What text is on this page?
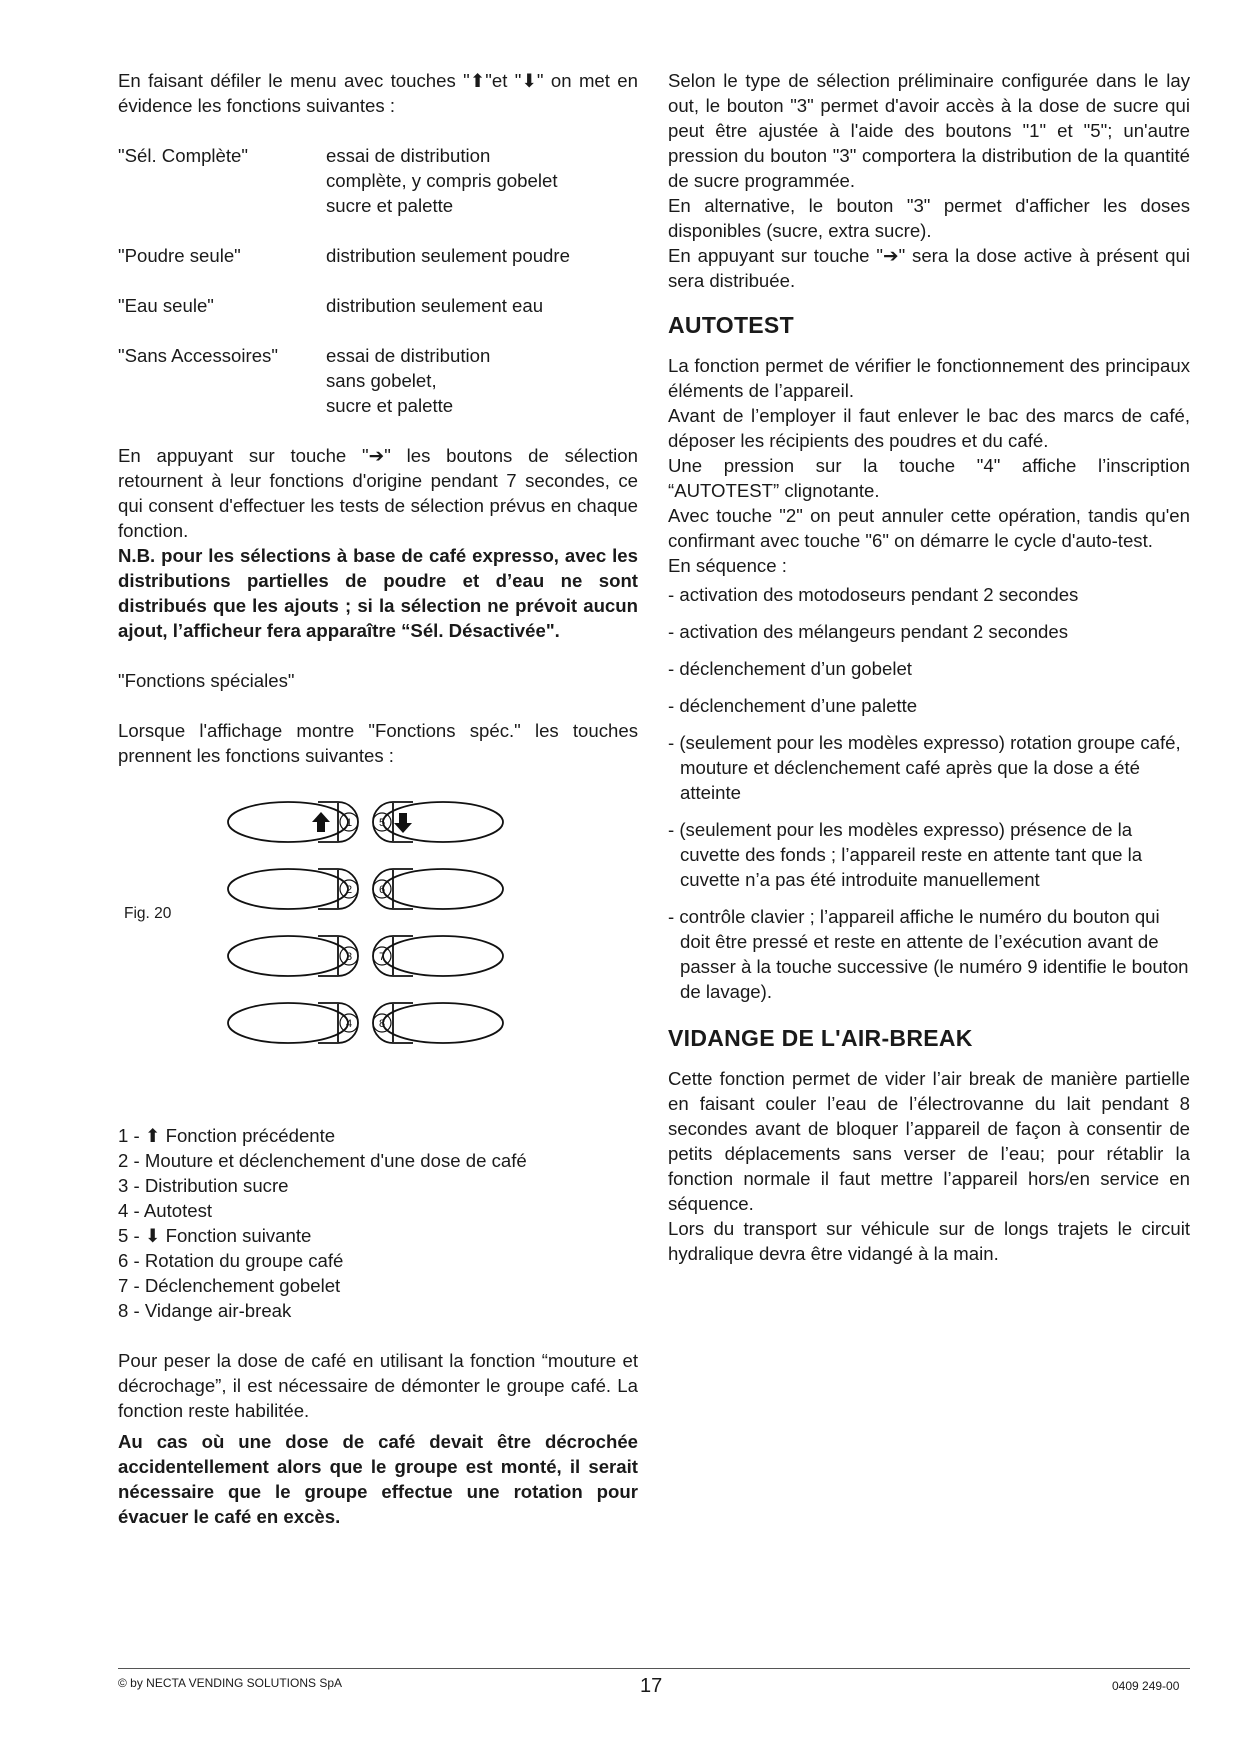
En faisant défiler le menu avec touches "⬆"et "⬇" on met en évidence les fonctions suivantes :

"Sél. Complète"	essai de distribution
complète, y compris gobelet
sucre et palette

"Poudre seule"	distribution seulement poudre

"Eau seule"	distribution seulement eau

"Sans Accessoires"	essai de distribution
sans gobelet,
sucre et palette

En appuyant sur touche "➔" les boutons de sélection retournent à leur fonctions d'origine pendant 7 secondes, ce qui consent d'effectuer les tests de sélection prévus en chaque fonction.

N.B. pour les sélections à base de café expresso, avec les distributions partielles de poudre et d’eau ne sont distribués que les ajouts ; si la sélection ne prévoit aucun ajout, l’afficheur fera apparaître “Sél. Désactivée".

"Fonctions spéciales"

Lorsque l'affichage montre "Fonctions spéc." les touches prennent les fonctions suivantes :

Fig. 20
1
2
3
4
5
6
7
8

1 - ⬆ Fonction précédente

2 - Mouture et déclenchement d'une dose de café

3 - Distribution sucre

4 - Autotest

5 - ⬇ Fonction suivante

6 - Rotation du groupe café

7 - Déclenchement gobelet

8 - Vidange air-break

Pour peser la dose de café en utilisant la fonction “mouture et décrochage”, il est nécessaire de démonter le groupe café. La fonction reste habilitée.

Au cas où une dose de café devait être décrochée accidentellement alors que le groupe est monté, il serait nécessaire que le groupe effectue une rotation pour évacuer le café en excès.

Selon le type de sélection préliminaire configurée dans le lay out, le bouton "3" permet d'avoir accès à la dose de sucre qui peut être ajustée à l'aide des boutons "1" et "5"; un'autre pression du bouton "3" comportera la distribution de la quantité de sucre programmée.

En alternative, le bouton "3" permet d'afficher les doses disponibles (sucre, extra sucre).

En appuyant sur touche "➔" sera la dose active à présent qui sera distribuée.

AUTOTEST

La fonction permet de vérifier le fonctionnement des principaux éléments de l’appareil.

Avant de l’employer il faut enlever le bac des marcs de café, déposer les récipients des poudres et du café.

Une pression sur la touche "4" affiche l’inscription “AUTOTEST” clignotante.

Avec touche "2" on peut annuler cette opération, tandis qu'en confirmant avec touche "6" on démarre le cycle d'auto-test.

En séquence :

- activation des motodoseurs pendant 2 secondes

- activation des mélangeurs pendant 2 secondes

- déclenchement d’un gobelet

- déclenchement d’une palette

- (seulement pour les modèles expresso) rotation groupe café, mouture et déclenchement café après que la dose a été atteinte

- (seulement pour les modèles expresso) présence de la cuvette des fonds ; l’appareil reste en attente tant que la cuvette n’a pas été introduite manuellement

- contrôle clavier ; l’appareil affiche le numéro du bouton qui doit être pressé et reste en attente de l’exécution avant de passer à la touche successive (le numéro 9 identifie le bouton de lavage).

VIDANGE DE L'AIR-BREAK

Cette fonction permet de vider l’air break de manière partielle en faisant couler l’eau de l’électrovanne du lait pendant 8 secondes avant de bloquer l’appareil de façon à consentir de petits déplacements sans verser de l’eau; pour rétablir la fonction normale il faut mettre l’appareil hors/en service en séquence.

Lors du transport sur véhicule sur de longs trajets le circuit hydralique devra être vidangé à la main.

© by NECTA VENDING SOLUTIONS SpA	17	0409 249-00
